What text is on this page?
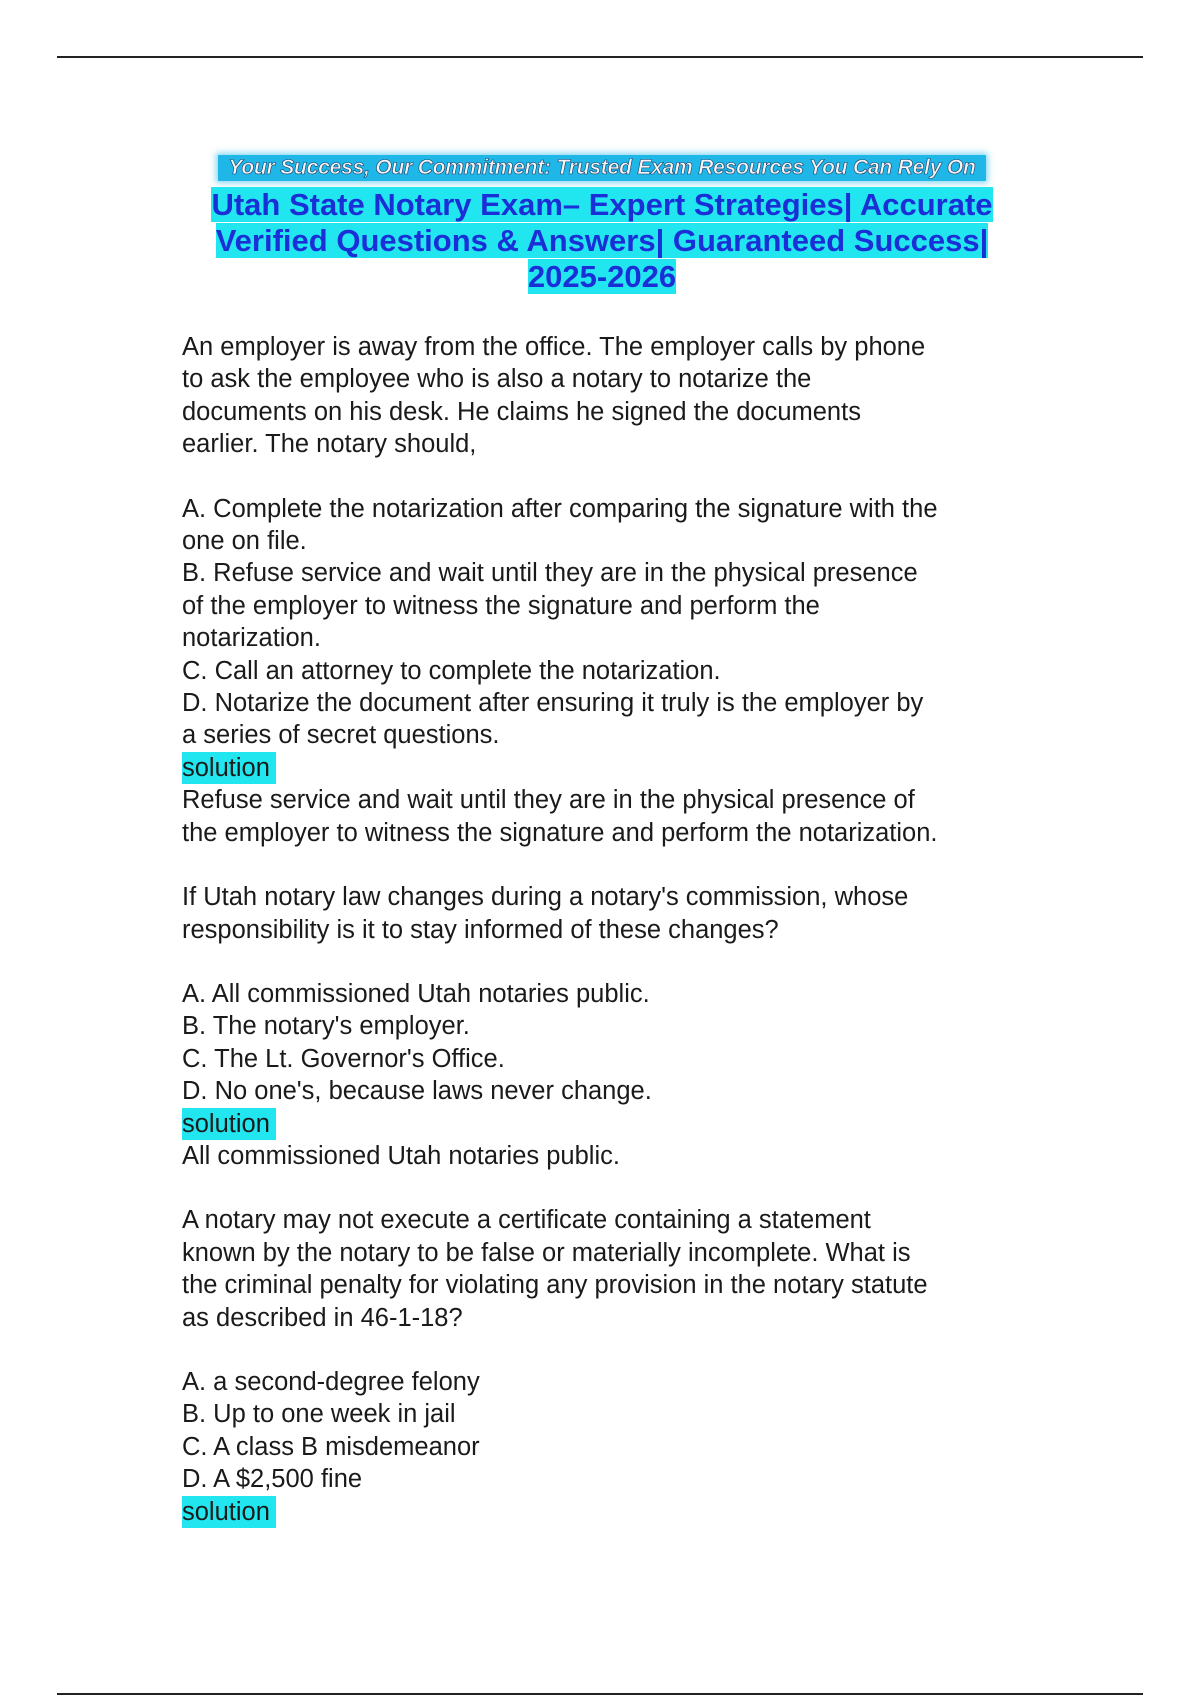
Your Success, Our Commitment: Trusted Exam Resources You Can Rely On
Utah State Notary Exam– Expert Strategies| Accurate
Verified Questions & Answers| Guaranteed Success|
2025-2026

An employer is away from the office. The employer calls by phone
to ask the employee who is also a notary to notarize the
documents on his desk. He claims he signed the documents
earlier. The notary should,

A. Complete the notarization after comparing the signature with the
one on file.
B. Refuse service and wait until they are in the physical presence
of the employer to witness the signature and perform the
notarization.
C. Call an attorney to complete the notarization.
D. Notarize the document after ensuring it truly is the employer by
a series of secret questions.
solution
Refuse service and wait until they are in the physical presence of
the employer to witness the signature and perform the notarization.

If Utah notary law changes during a notary's commission, whose
responsibility is it to stay informed of these changes?

A. All commissioned Utah notaries public.
B. The notary's employer.
C. The Lt. Governor's Office.
D. No one's, because laws never change.
solution
All commissioned Utah notaries public.

A notary may not execute a certificate containing a statement
known by the notary to be false or materially incomplete. What is
the criminal penalty for violating any provision in the notary statute
as described in 46-1-18?

A. a second-degree felony
B. Up to one week in jail
C. A class B misdemeanor
D. A $2,500 fine
solution
